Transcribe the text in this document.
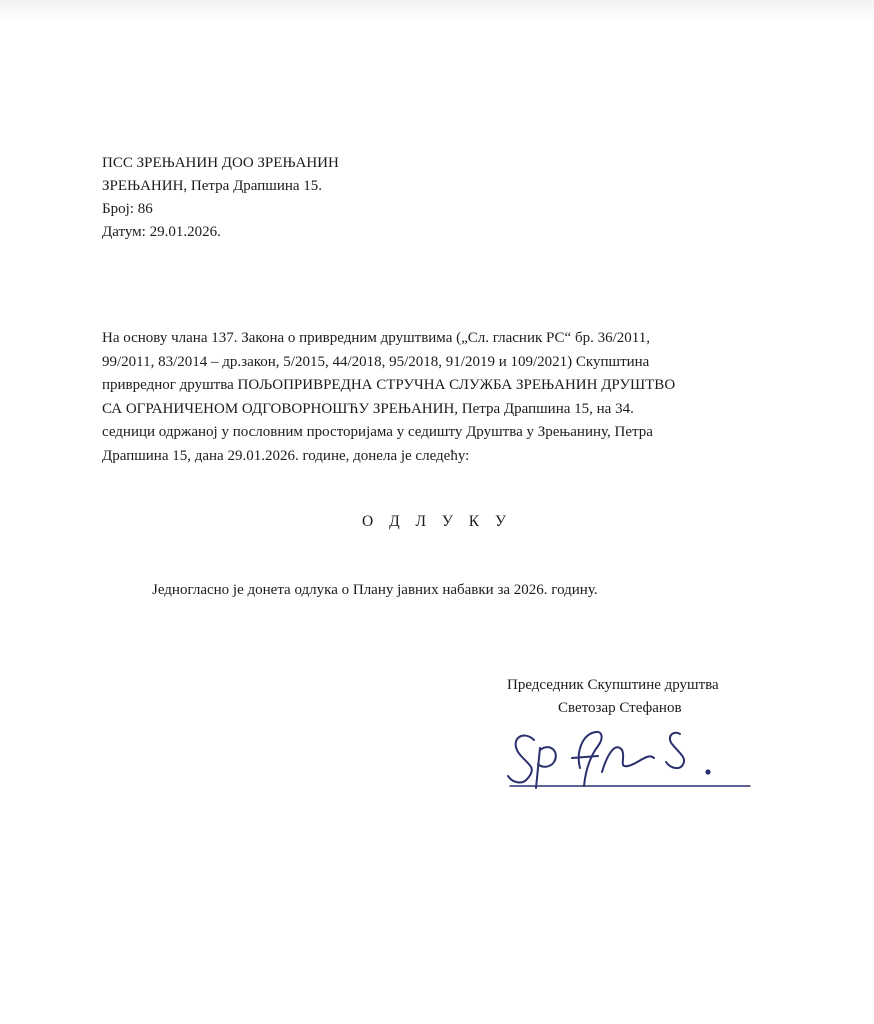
ПСС ЗРЕЊАНИН ДОО ЗРЕЊАНИН
ЗРЕЊАНИН, Петра Драпшина 15.
Број: 86
Датум: 29.01.2026.
На основу члана 137. Закона о привредним друштвима („Сл. гласник РС“ бр. 36/2011,
99/2011, 83/2014 – др.закон, 5/2015, 44/2018, 95/2018, 91/2019 и 109/2021) Скупштина
привредног друштва ПОЉОПРИВРЕДНА СТРУЧНА СЛУЖБА ЗРЕЊАНИН ДРУШТВО
СА ОГРАНИЧЕНОМ ОДГОВОРНОШЋУ ЗРЕЊАНИН, Петра Драпшина 15, на 34.
седници одржаној у пословним просторијама у седишту Друштва у Зрењанину, Петра
Драпшина 15, дана 29.01.2026. године, донела је следећу:
О Д Л У К У
Једногласно је донета одлука о Плану јавних набавки за 2026. годину.
Председник Скупштине друштва
Светозар Стефанов
